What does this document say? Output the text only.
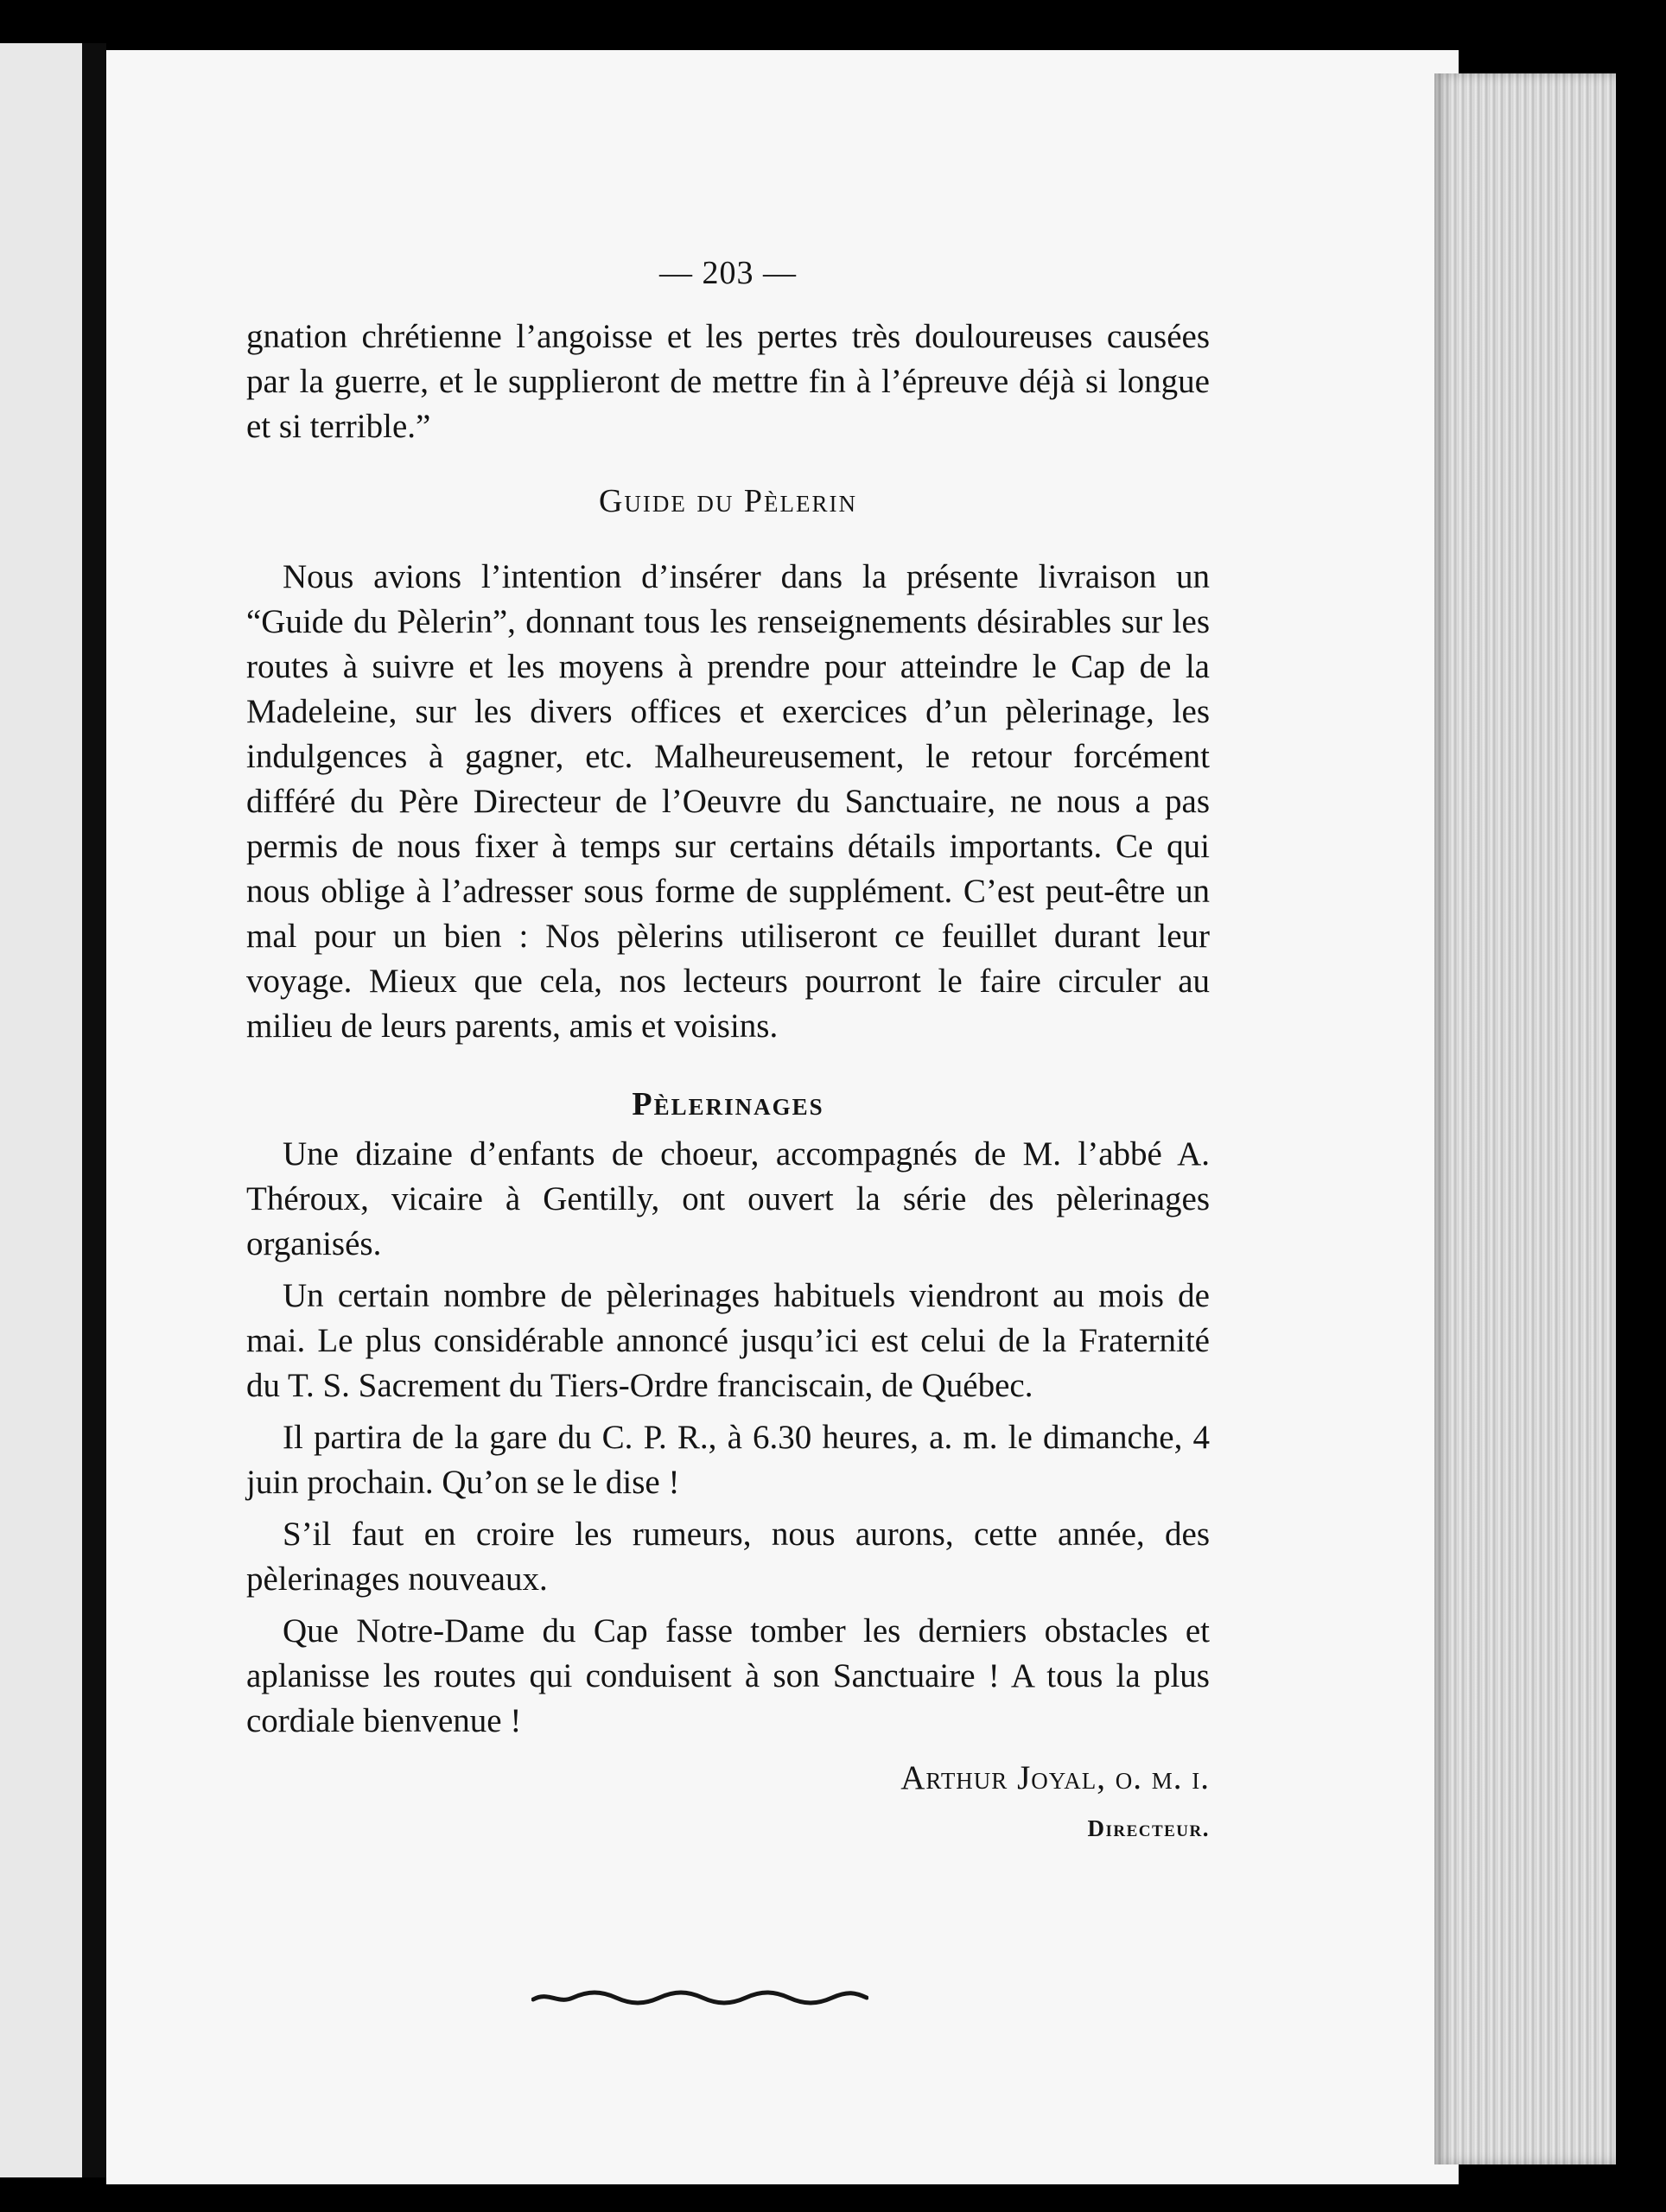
— 203 —

gnation chrétienne l’angoisse et les pertes très douloureuses causées par la guerre, et le supplieront de mettre fin à l’épreuve déjà si longue et si terrible.”

Guide du Pèlerin

Nous avions l’intention d’insérer dans la présente livraison un “Guide du Pèlerin”, donnant tous les renseignements désirables sur les routes à suivre et les moyens à prendre pour atteindre le Cap de la Madeleine, sur les divers offices et exercices d’un pèlerinage, les indulgences à gagner, etc. Malheureusement, le retour forcément différé du Père Directeur de l’Oeuvre du Sanctuaire, ne nous a pas permis de nous fixer à temps sur certains détails importants. Ce qui nous oblige à l’adresser sous forme de supplément. C’est peut-être un mal pour un bien : Nos pèlerins utiliseront ce feuillet durant leur voyage. Mieux que cela, nos lecteurs pourront le faire circuler au milieu de leurs parents, amis et voisins.

Pèlerinages

Une dizaine d’enfants de choeur, accompagnés de M. l’abbé A. Théroux, vicaire à Gentilly, ont ouvert la série des pèlerinages organisés.

Un certain nombre de pèlerinages habituels viendront au mois de mai. Le plus considérable annoncé jusqu’ici est celui de la Fraternité du T. S. Sacrement du Tiers-Ordre franciscain, de Québec.

Il partira de la gare du C. P. R., à 6.30 heures, a. m. le dimanche, 4 juin prochain. Qu’on se le dise !

S’il faut en croire les rumeurs, nous aurons, cette année, des pèlerinages nouveaux.

Que Notre-Dame du Cap fasse tomber les derniers obstacles et aplanisse les routes qui conduisent à son Sanctuaire ! A tous la plus cordiale bienvenue !

Arthur Joyal, o. m. i.
Directeur.
